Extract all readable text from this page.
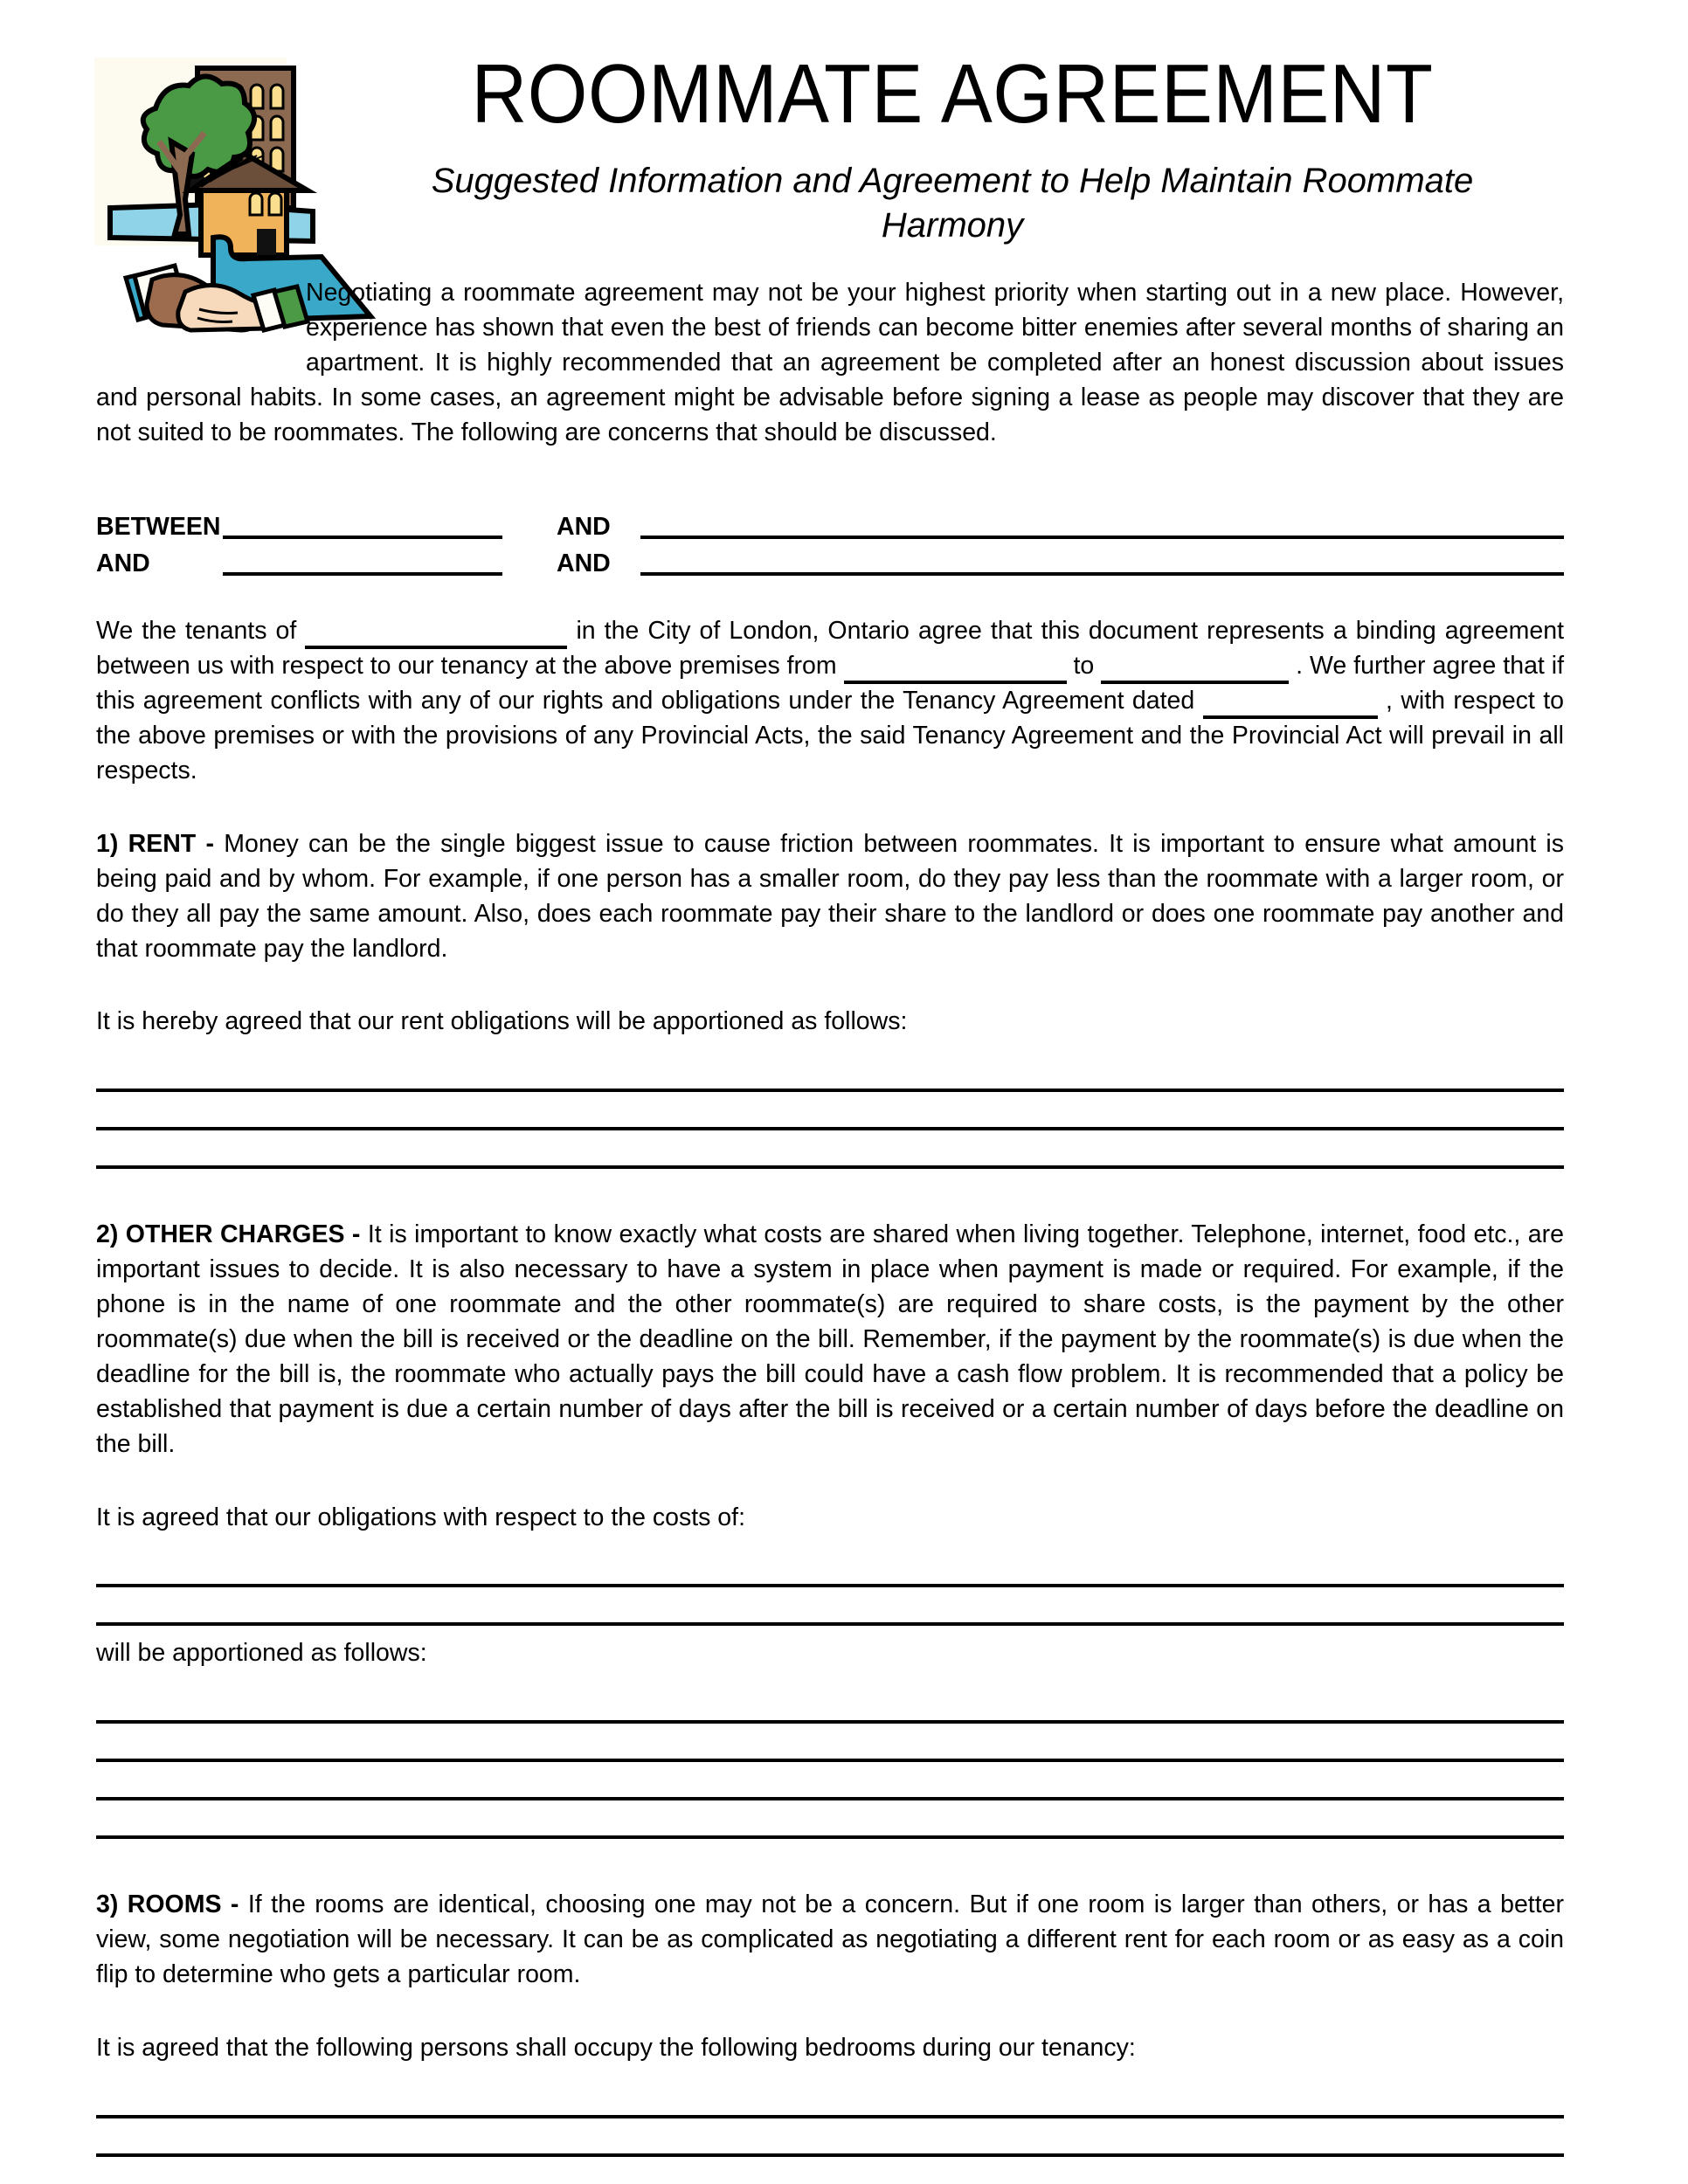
ROOMMATE AGREEMENT
Suggested Information and Agreement to Help Maintain Roommate Harmony

Negotiating a roommate agreement may not be your highest priority when starting out in a new place. However, experience has shown that even the best of friends can become bitter enemies after several months of sharing an apartment. It is highly recommended that an agreement be completed after an honest discussion about issues and personal habits. In some cases, an agreement might be advisable before signing a lease as people may discover that they are not suited to be roommates. The following are concerns that should be discussed.

BETWEEN	AND
AND	AND

We the tenants of	in the City of London, Ontario agree that this document represents a binding agreement between us with respect to our tenancy at the above premises from	to	. We further agree that if this agreement conflicts with any of our rights and obligations under the Tenancy Agreement dated	, with respect to the above premises or with the provisions of any Provincial Acts, the said Tenancy Agreement and the Provincial Act will prevail in all respects.

1) RENT - Money can be the single biggest issue to cause friction between roommates. It is important to ensure what amount is being paid and by whom. For example, if one person has a smaller room, do they pay less than the roommate with a larger room, or do they all pay the same amount. Also, does each roommate pay their share to the landlord or does one roommate pay another and that roommate pay the landlord.

It is hereby agreed that our rent obligations will be apportioned as follows:

2) OTHER CHARGES - It is important to know exactly what costs are shared when living together. Telephone, internet, food etc., are important issues to decide. It is also necessary to have a system in place when payment is made or required. For example, if the phone is in the name of one roommate and the other roommate(s) are required to share costs, is the payment by the other roommate(s) due when the bill is received or the deadline on the bill. Remember, if the payment by the roommate(s) is due when the deadline for the bill is, the roommate who actually pays the bill could have a cash flow problem. It is recommended that a policy be established that payment is due a certain number of days after the bill is received or a certain number of days before the deadline on the bill.

It is agreed that our obligations with respect to the costs of:

will be apportioned as follows:

3) ROOMS - If the rooms are identical, choosing one may not be a concern. But if one room is larger than others, or has a better view, some negotiation will be necessary. It can be as complicated as negotiating a different rent for each room or as easy as a coin flip to determine who gets a particular room.

It is agreed that the following persons shall occupy the following bedrooms during our tenancy:
